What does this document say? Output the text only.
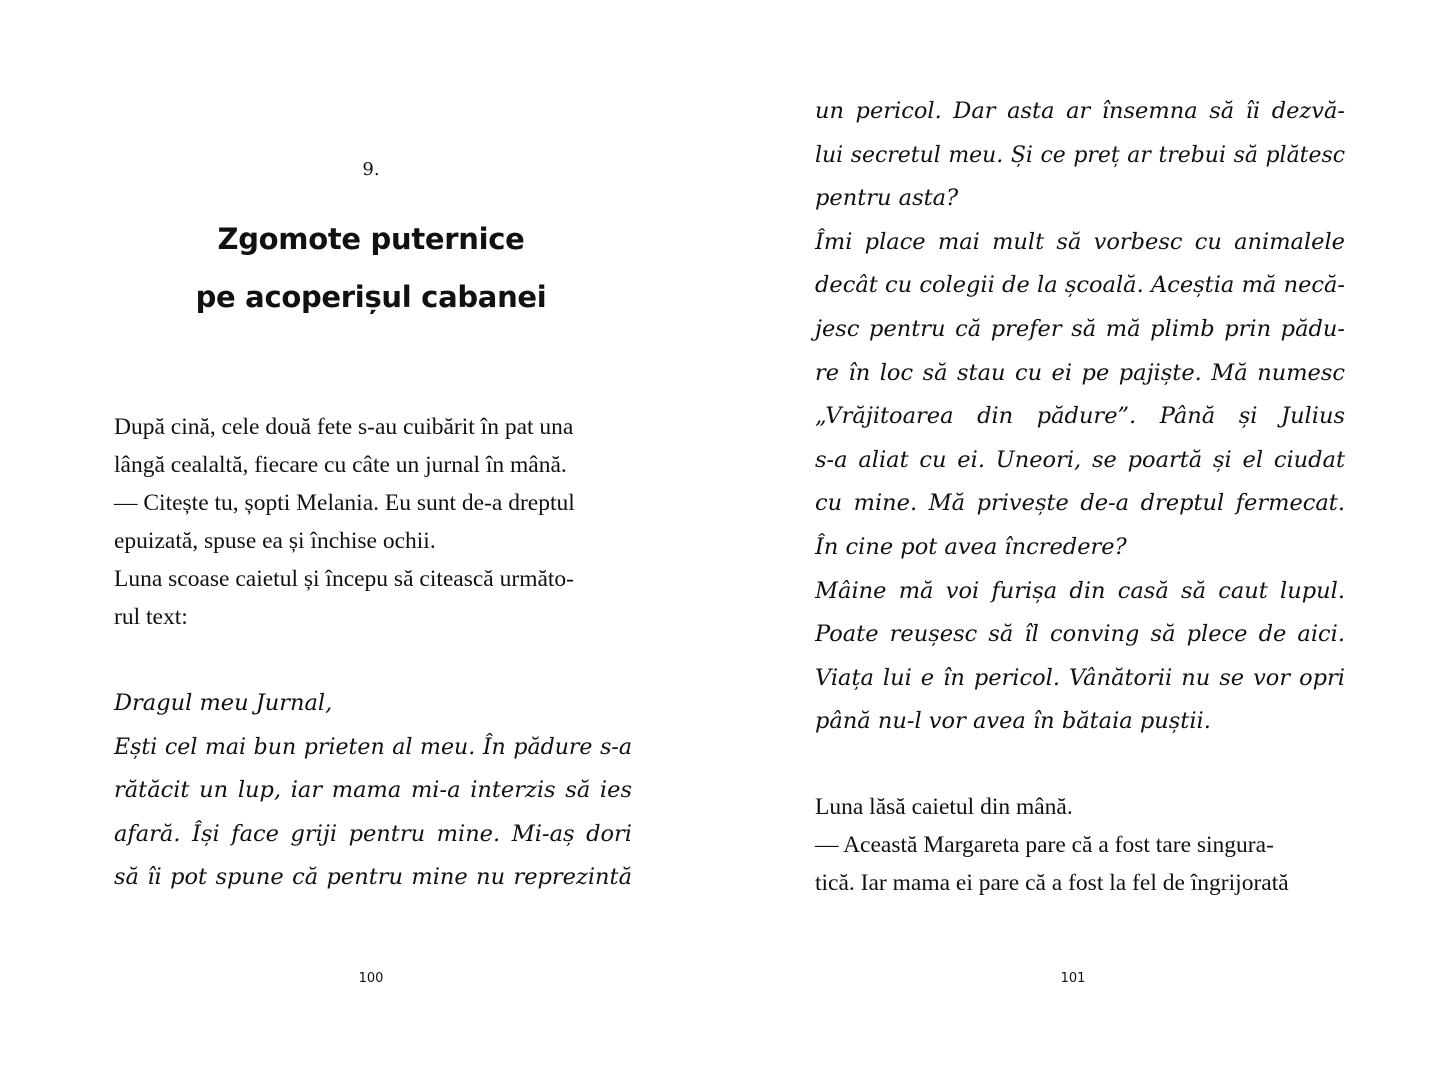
9.

Zgomote puternice
pe acoperișul cabanei
După cină, cele două fete s-au cuibărit în pat una
lângă cealaltă, fiecare cu câte un jurnal în mână.
— Citește tu, șopti Melania. Eu sunt de-a dreptul
epuizată, spuse ea și închise ochii.
Luna scoase caietul și începu să citească următo-
rul text:
Dragul meu Jurnal,
Ești cel mai bun prieten al meu. În pădure s-a
rătăcit un lup, iar mama mi-a interzis să ies
afară. Își face griji pentru mine. Mi-aș dori
să îi pot spune că pentru mine nu reprezintă

100

un pericol. Dar asta ar însemna să îi dezvă-
lui secretul meu. Și ce preț ar trebui să plătesc
pentru asta?
Îmi place mai mult să vorbesc cu animalele
decât cu colegii de la școală. Aceștia mă necă-
jesc pentru că prefer să mă plimb prin pădu-
re în loc să stau cu ei pe pajiște. Mă numesc
„Vrăjitoarea din pădure”. Până și Julius
s-a aliat cu ei. Uneori, se poartă și el ciudat
cu mine. Mă privește de-a dreptul fermecat.
În cine pot avea încredere?
Mâine mă voi furișa din casă să caut lupul.
Poate reușesc să îl conving să plece de aici.
Viața lui e în pericol. Vânătorii nu se vor opri
până nu-l vor avea în bătaia puștii.
Luna lăsă caietul din mână.
— Această Margareta pare că a fost tare singura-
tică. Iar mama ei pare că a fost la fel de îngrijorată

101
